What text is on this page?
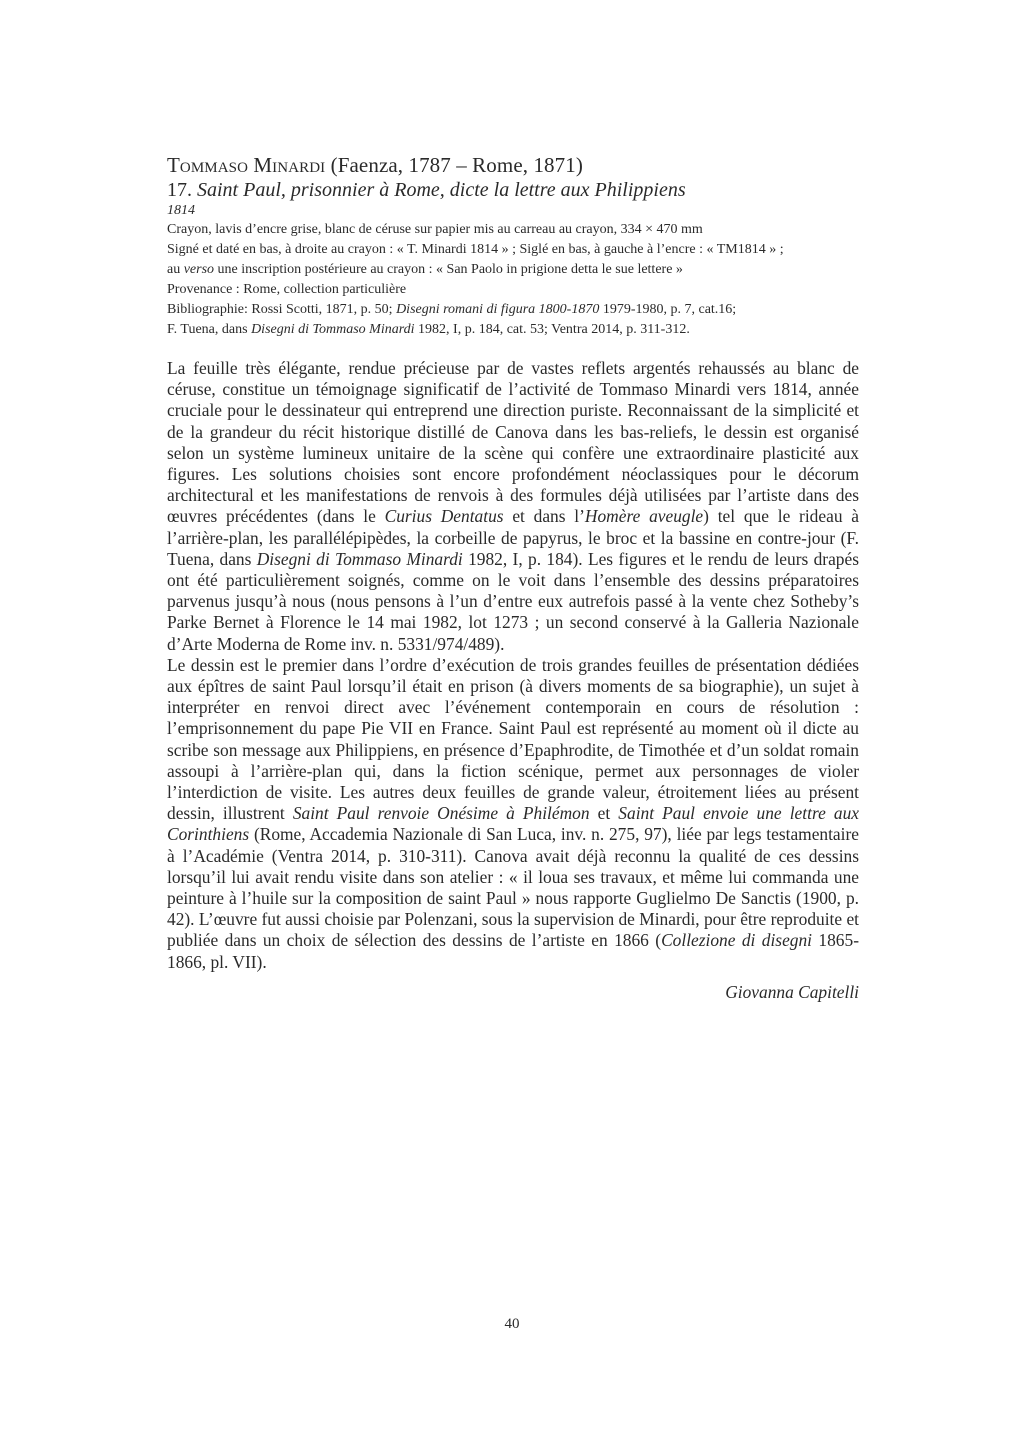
Tommaso Minardi (Faenza, 1787 – Rome, 1871)

17. Saint Paul, prisonnier à Rome, dicte la lettre aux Philippiens

1814

Crayon, lavis d’encre grise, blanc de céruse sur papier mis au carreau au crayon, 334 × 470 mm

Signé et daté en bas, à droite au crayon : « T. Minardi 1814 » ; Siglé en bas, à gauche à l’encre : « TM1814 » ;

au verso une inscription postérieure au crayon : « San Paolo in prigione detta le sue lettere »

Provenance : Rome, collection particulière

Bibliographie: Rossi Scotti, 1871, p. 50; Disegni romani di figura 1800-1870 1979-1980, p. 7, cat.16;

F. Tuena, dans Disegni di Tommaso Minardi 1982, I, p. 184, cat. 53; Ventra 2014, p. 311-312.

La feuille très élégante, rendue précieuse par de vastes reflets argentés rehaussés au blanc de céruse, constitue un témoignage significatif de l’activité de Tommaso Minardi vers 1814, année cruciale pour le dessinateur qui entreprend une direction puriste. Reconnaissant de la simplicité et de la grandeur du récit historique distillé de Canova dans les bas-reliefs, le dessin est organisé selon un système lumineux unitaire de la scène qui confère une extraordinaire plasticité aux figures. Les solutions choisies sont encore profondément néoclassiques pour le décorum architectural et les manifestations de renvois à des formules déjà utilisées par l’artiste dans des œuvres précédentes (dans le Curius Dentatus et dans l’Homère aveugle) tel que le rideau à l’arrière-plan, les parallélépipèdes, la corbeille de papyrus, le broc et la bassine en contre-jour (F. Tuena, dans Disegni di Tommaso Minardi 1982, I, p. 184). Les figures et le rendu de leurs drapés ont été particulièrement soignés, comme on le voit dans l’ensemble des dessins préparatoires parvenus jusqu’à nous (nous pensons à l’un d’entre eux autrefois passé à la vente chez Sotheby’s Parke Bernet à Florence le 14 mai 1982, lot 1273 ; un second conservé à la Galleria Nazionale d’Arte Moderna de Rome inv. n. 5331/974/489).

Le dessin est le premier dans l’ordre d’exécution de trois grandes feuilles de présentation dédiées aux épîtres de saint Paul lorsqu’il était en prison (à divers moments de sa biographie), un sujet à interpréter en renvoi direct avec l’événement contemporain en cours de résolution : l’emprisonnement du pape Pie VII en France. Saint Paul est représenté au moment où il dicte au scribe son message aux Philippiens, en présence d’Epaphrodite, de Timothée et d’un soldat romain assoupi à l’arrière-plan qui, dans la fiction scénique, permet aux personnages de violer l’interdiction de visite. Les autres deux feuilles de grande valeur, étroitement liées au présent dessin, illustrent Saint Paul renvoie Onésime à Philémon et Saint Paul envoie une lettre aux Corinthiens (Rome, Accademia Nazionale di San Luca, inv. n. 275, 97), liée par legs testamentaire à l’Académie (Ventra 2014, p. 310-311). Canova avait déjà reconnu la qualité de ces dessins lorsqu’il lui avait rendu visite dans son atelier : « il loua ses travaux, et même lui commanda une peinture à l’huile sur la composition de saint Paul » nous rapporte Guglielmo De Sanctis (1900, p. 42). L’œuvre fut aussi choisie par Polenzani, sous la supervision de Minardi, pour être reproduite et publiée dans un choix de sélection des dessins de l’artiste en 1866 (Collezione di disegni 1865-1866, pl. VII).

Giovanna Capitelli
40
